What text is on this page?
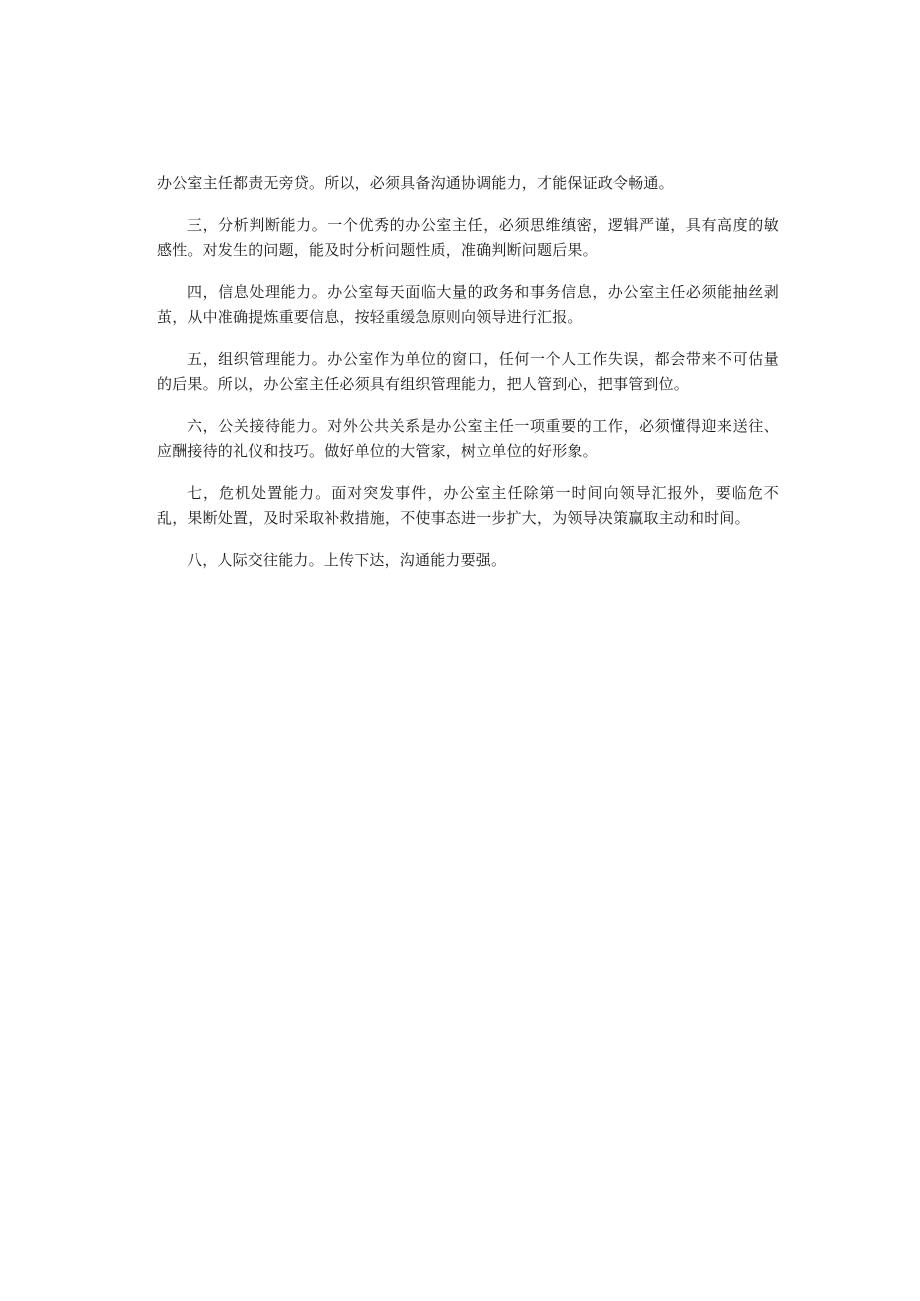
办公室主任都责无旁贷。所以，必须具备沟通协调能力，才能保证政令畅通。

三，分析判断能力。一个优秀的办公室主任，必须思维缜密，逻辑严谨，具有高度的敏感性。对发生的问题，能及时分析问题性质，准确判断问题后果。

四，信息处理能力。办公室每天面临大量的政务和事务信息，办公室主任必须能抽丝剥茧，从中准确提炼重要信息，按轻重缓急原则向领导进行汇报。

五，组织管理能力。办公室作为单位的窗口，任何一个人工作失误，都会带来不可估量的后果。所以，办公室主任必须具有组织管理能力，把人管到心，把事管到位。

六，公关接待能力。对外公共关系是办公室主任一项重要的工作，必须懂得迎来送往、应酬接待的礼仪和技巧。做好单位的大管家，树立单位的好形象。

七，危机处置能力。面对突发事件，办公室主任除第一时间向领导汇报外，要临危不乱，果断处置，及时采取补救措施，不使事态进一步扩大，为领导决策赢取主动和时间。

八，人际交往能力。上传下达，沟通能力要强。
